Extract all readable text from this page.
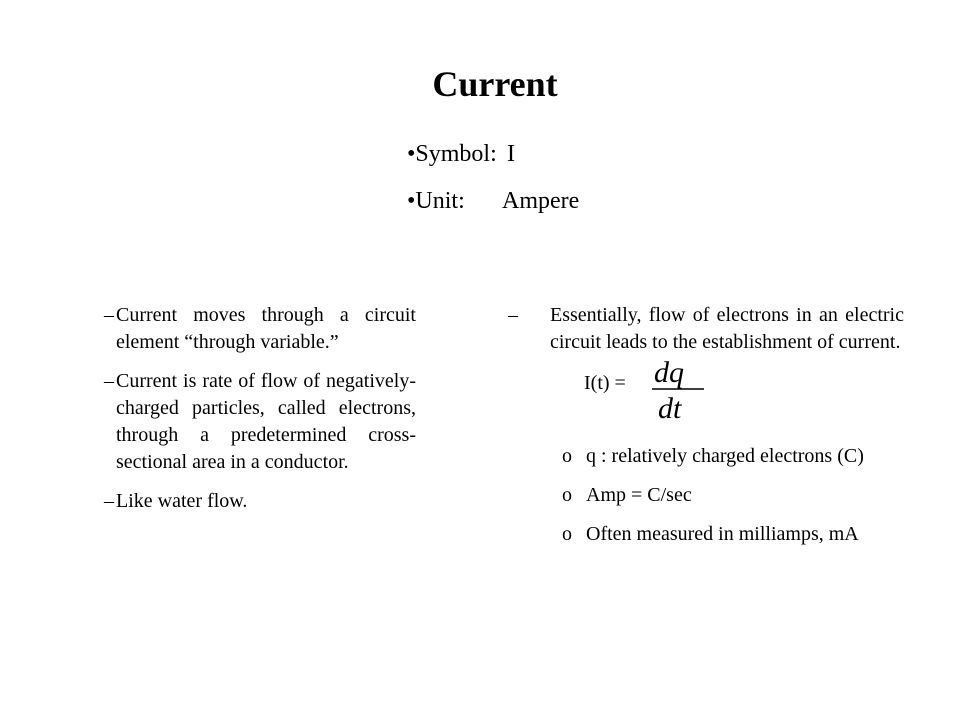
Current
•Symbol: I
•Unit: Ampere
– Current moves through a circuit element “through variable.”
– Current is rate of flow of negatively-charged particles, called electrons, through a predetermined cross-sectional area in a conductor.
– Like water flow.
– Essentially, flow of electrons in an electric circuit leads to the establishment of current.
I(t) = dq
dt
o q : relatively charged electrons (C)
o Amp = C/sec
o Often measured in milliamps, mA
